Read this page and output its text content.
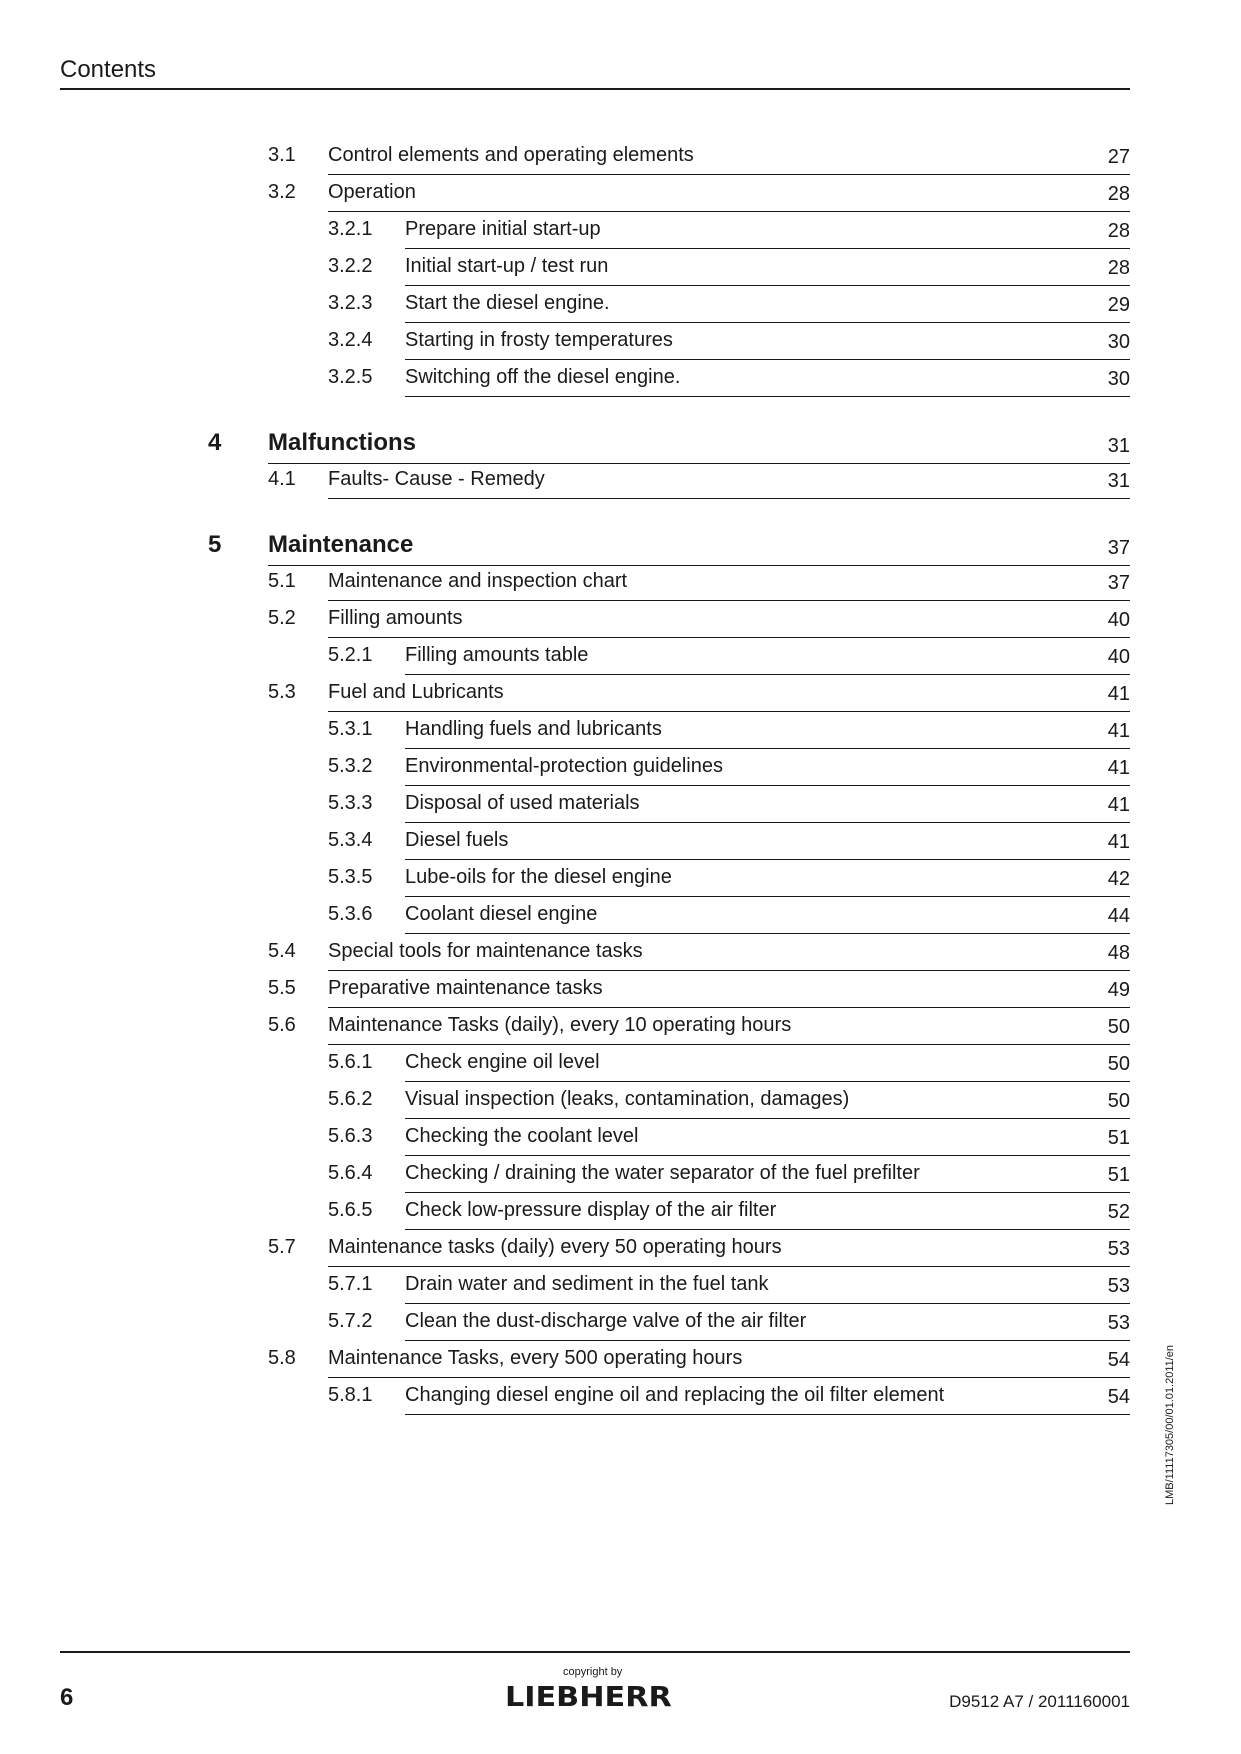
Contents
3.1 Control elements and operating elements	27
3.2 Operation	28
3.2.1 Prepare initial start-up	28
3.2.2 Initial start-up / test run	28
3.2.3 Start the diesel engine.	29
3.2.4 Starting in frosty temperatures	30
3.2.5 Switching off the diesel engine.	30
4 Malfunctions	31
4.1 Faults- Cause - Remedy	31
5 Maintenance	37
5.1 Maintenance and inspection chart	37
5.2 Filling amounts	40
5.2.1 Filling amounts table	40
5.3 Fuel and Lubricants	41
5.3.1 Handling fuels and lubricants	41
5.3.2 Environmental-protection guidelines	41
5.3.3 Disposal of used materials	41
5.3.4 Diesel fuels	41
5.3.5 Lube-oils for the diesel engine	42
5.3.6 Coolant diesel engine	44
5.4 Special tools for maintenance tasks	48
5.5 Preparative maintenance tasks	49
5.6 Maintenance Tasks (daily), every 10 operating hours	50
5.6.1 Check engine oil level	50
5.6.2 Visual inspection (leaks, contamination, damages)	50
5.6.3 Checking the coolant level	51
5.6.4 Checking / draining the water separator of the fuel prefilter	51
5.6.5 Check low-pressure display of the air filter	52
5.7 Maintenance tasks (daily) every 50 operating hours	53
5.7.1 Drain water and sediment in the fuel tank	53
5.7.2 Clean the dust-discharge valve of the air filter	53
5.8 Maintenance Tasks, every 500 operating hours	54
5.8.1 Changing diesel engine oil and replacing the oil filter element	54	LMB/11117305/00/01.01.2011/en
6
copyright by
LIEBHERR	D9512 A7 / 2011160001
